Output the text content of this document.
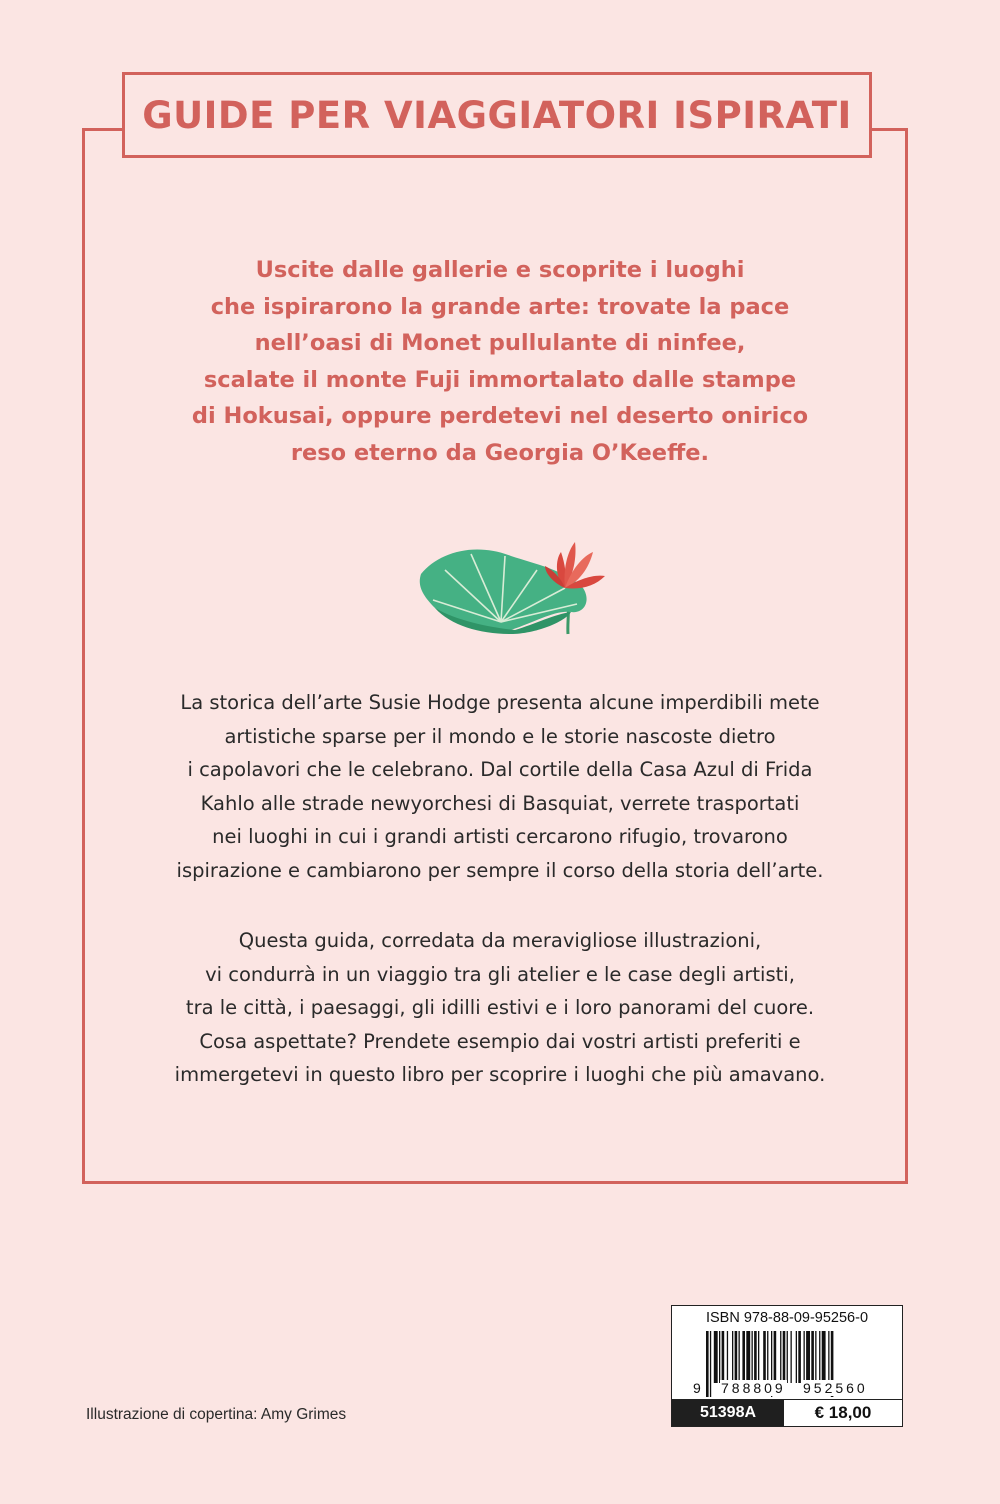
GUIDE PER VIAGGIATORI ISPIRATI
Uscite dalle gallerie e scoprite i luoghi
che ispirarono la grande arte: trovate la pace
nell’oasi di Monet pullulante di ninfee,
scalate il monte Fuji immortalato dalle stampe
di Hokusai, oppure perdetevi nel deserto onirico
reso eterno da Georgia O’Keeffe.
La storica dell’arte Susie Hodge presenta alcune imperdibili mete
artistiche sparse per il mondo e le storie nascoste dietro
i capolavori che le celebrano. Dal cortile della Casa Azul di Frida
Kahlo alle strade newyorchesi di Basquiat, verrete trasportati
nei luoghi in cui i grandi artisti cercarono rifugio, trovarono
ispirazione e cambiarono per sempre il corso della storia dell’arte.
Questa guida, corredata da meravigliose illustrazioni,
vi condurrà in un viaggio tra gli atelier e le case degli artisti,
tra le città, i paesaggi, gli idilli estivi e i loro panorami del cuore.
Cosa aspettate? Prendete esempio dai vostri artisti preferiti e
immergetevi in questo libro per scoprire i luoghi che più amavano.
Illustrazione di copertina: Amy Grimes
ISBN 978-88-09-95256-0
9 788809 952560
51398A	€ 18,00
